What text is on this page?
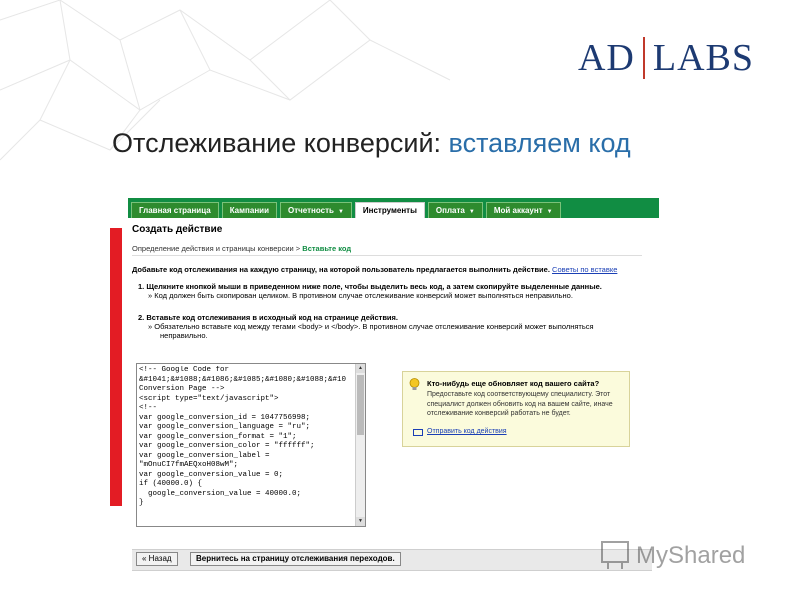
AD LABS
Отслеживание конверсий: вставляем код
Главная страница	Кампании	Отчетность ▼	Инструменты	Оплата ▼	Мой аккаунт ▼
Создать действие
Определение действия и страницы конверсии > Вставьте код
Добавьте код отслеживания на каждую страницу, на которой пользователь предлагается выполнить действие. Советы по вставке
1. Щелкните кнопкой мыши в приведенном ниже поле, чтобы выделить весь код, а затем скопируйте выделенные данные.
» Код должен быть скопирован целиком. В противном случае отслеживание конверсий может выполняться неправильно.
2. Вставьте код отслеживания в исходный код на странице действия.
» Обязательно вставьте код между тегами <body> и </body>. В противном случае отслеживание конверсий может выполняться
неправильно.
<!-- Google Code for
&#1041;&#1088;&#1086;&#1085;&#1080;&#1088;&#10
Conversion Page -->
<script type="text/javascript">
<!--
var google_conversion_id = 1047756998;
var google_conversion_language = "ru";
var google_conversion_format = "1";
var google_conversion_color = "ffffff";
var google_conversion_label =
"mOnuCI7fmAEQxoH08wM";
var google_conversion_value = 0;
if (40000.0) {
google_conversion_value = 40000.0;
}
▲
▼
Кто-нибудь еще обновляет код вашего сайта?
Предоставьте код соответствующему специалисту. Этот специалист должен обновить код на вашем сайте, иначе отслеживание конверсий работать не будет.
Отправить код действия
« Назад	Вернитесь на страницу отслеживания переходов.	MyShared
